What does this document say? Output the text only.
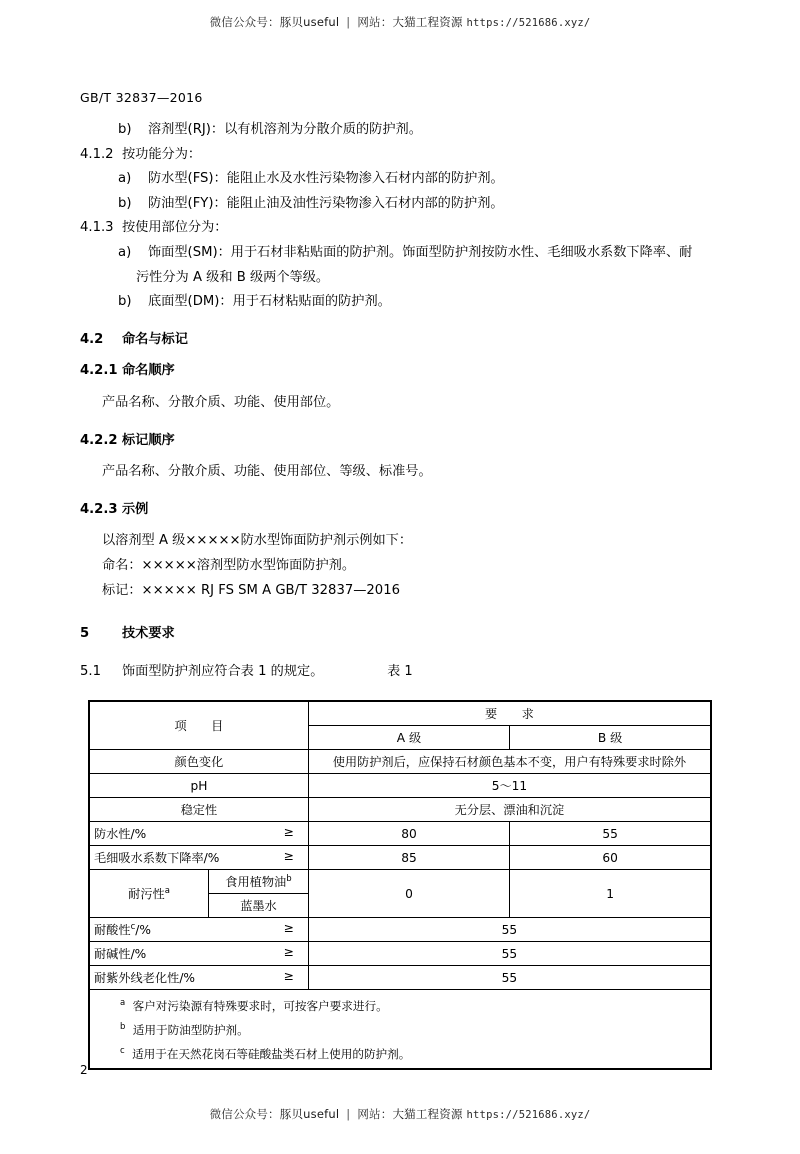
微信公众号：豚贝useful | 网站：大猫工程资源 https://521686.xyz/
GB/T 32837—2016
b) 溶剂型(RJ)：以有机溶剂为分散介质的防护剂。
4.1.2 按功能分为：
a) 防水型(FS)：能阻止水及水性污染物渗入石材内部的防护剂。
b) 防油型(FY)：能阻止油及油性污染物渗入石材内部的防护剂。
4.1.3 按使用部位分为：
a) 饰面型(SM)：用于石材非粘贴面的防护剂。饰面型防护剂按防水性、毛细吸水系数下降率、耐
污性分为 A 级和 B 级两个等级。
b) 底面型(DM)：用于石材粘贴面的防护剂。
4.2 命名与标记
4.2.1 命名顺序
产品名称、分散介质、功能、使用部位。
4.2.2 标记顺序
产品名称、分散介质、功能、使用部位、等级、标准号。
4.2.3 示例
以溶剂型 A 级×××××防水型饰面防护剂示例如下：
命名：×××××溶剂型防水型饰面防护剂。
标记：××××× RJ FS SM A GB/T 32837—2016
5 技术要求
5.1 饰面型防护剂应符合表 1 的规定。	表 1
项　　目		要　　求	
		A 级	B 级
颜色变化		使用防护剂后，应保持石材颜色基本不变，用户有特殊要求时除外	
pH		5～11	
稳定性		无分层、漂油和沉淀	
防水性/% ≥		80	55
毛细吸水系数下降率/% ≥		85	60
耐污性$^a$	食用植物油$^b$	0	1
	蓝墨水		
耐酸性$^c$/% ≥		55	
耐碱性/% ≥		55	
耐紫外线老化性/% ≥		55	

$^a$ 客户对污染源有特殊要求时，可按客户要求进行。
$^b$ 适用于防油型防护剂。
$^c$ 适用于在天然花岗石等硅酸盐类石材上使用的防护剂。			
2
微信公众号：豚贝useful | 网站：大猫工程资源 https://521686.xyz/
